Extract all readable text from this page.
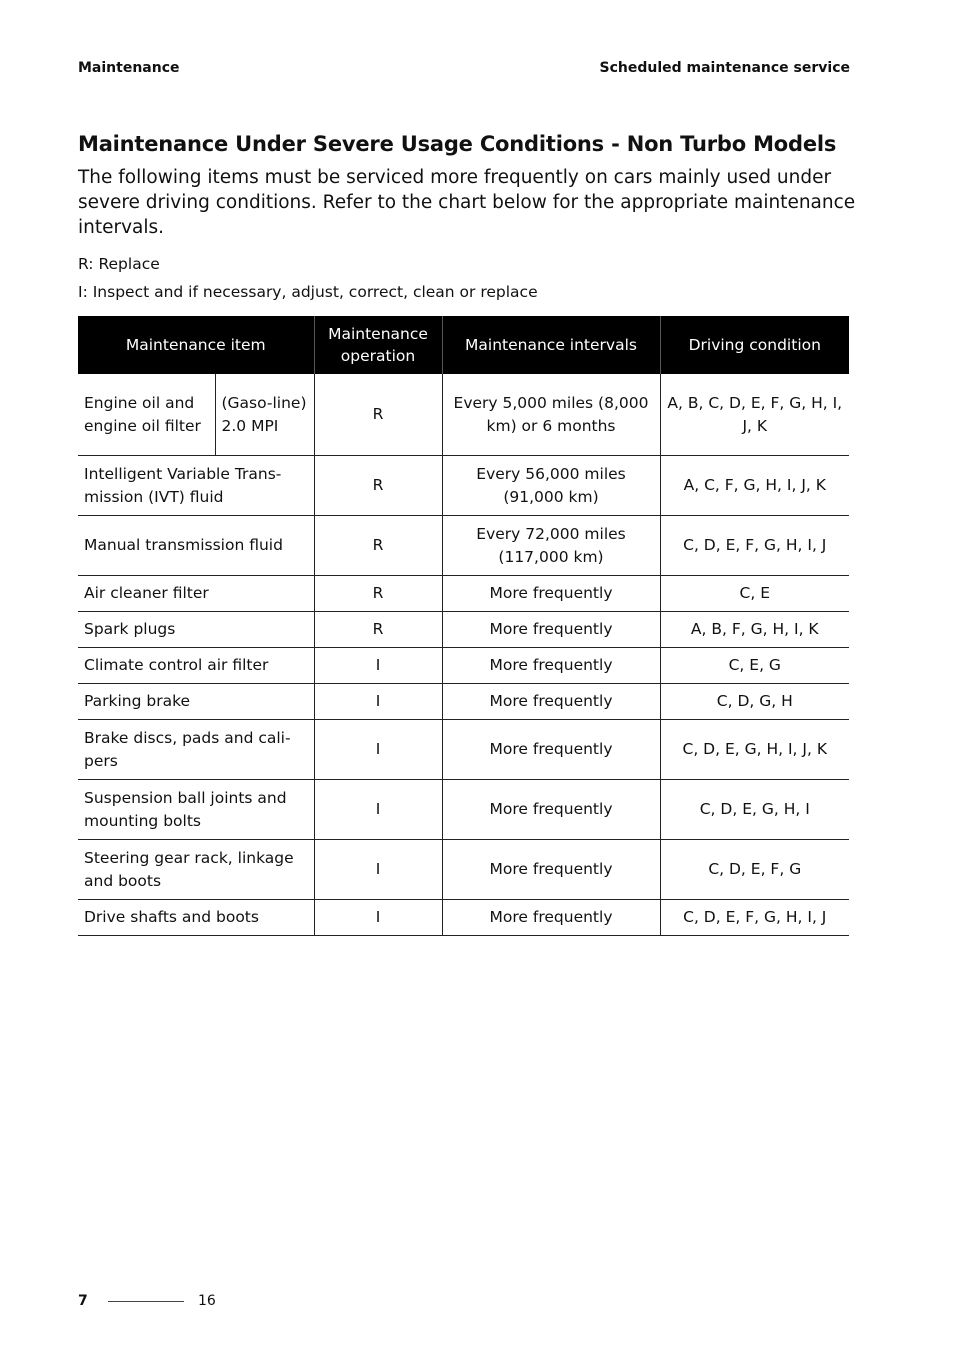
Maintenance	Scheduled maintenance service
Maintenance Under Severe Usage Conditions - Non Turbo Models

The following items must be serviced more frequently on cars mainly used under severe driving conditions. Refer to the chart below for the appropriate maintenance intervals.

R: Replace

I: Inspect and if necessary, adjust, correct, clean or replace

Maintenance item		Maintenance operation	Maintenance intervals	Driving condition
Engine oil and engine oil filter	(Gaso-line) 2.0 MPI	R	Every 5,000 miles (8,000 km) or 6 months	A, B, C, D, E, F, G, H, I, J, K
Intelligent Variable Trans-mission (IVT) fluid		R	Every 56,000 miles (91,000 km)	A, C, F, G, H, I, J, K
Manual transmission fluid		R	Every 72,000 miles (117,000 km)	C, D, E, F, G, H, I, J
Air cleaner filter		R	More frequently	C, E
Spark plugs		R	More frequently	A, B, F, G, H, I, K
Climate control air filter		I	More frequently	C, E, G
Parking brake		I	More frequently	C, D, G, H
Brake discs, pads and cali-pers		I	More frequently	C, D, E, G, H, I, J, K
Suspension ball joints and mounting bolts		I	More frequently	C, D, E, G, H, I
Steering gear rack, linkage and boots		I	More frequently	C, D, E, F, G
Drive shafts and boots		I	More frequently	C, D, E, F, G, H, I, J
7	16
